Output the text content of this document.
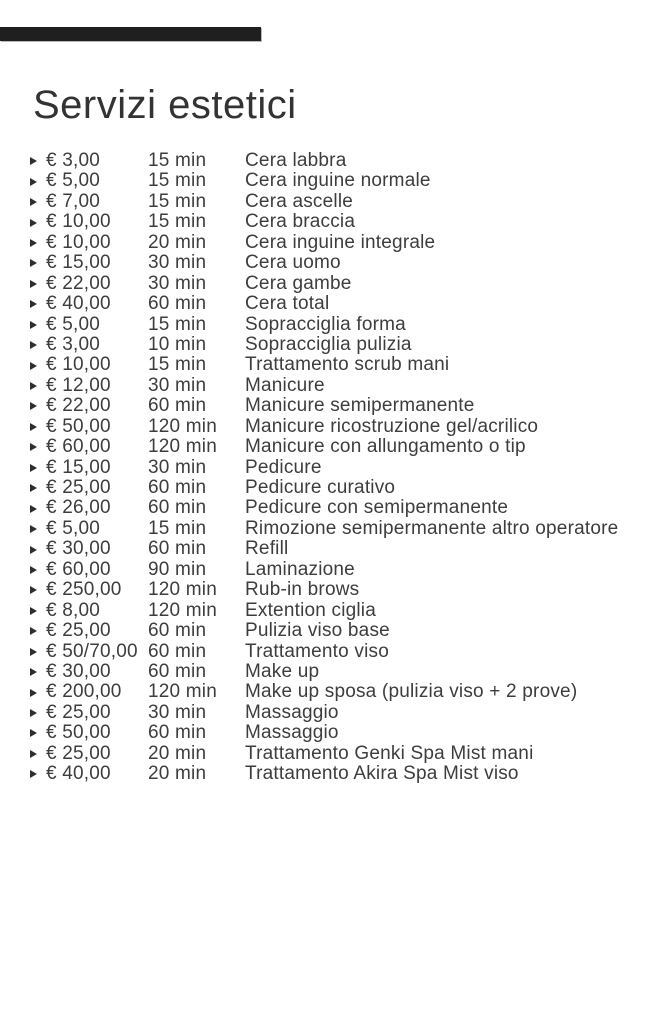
Servizi estetici
€ 3,00	15 min	Cera labbra
€ 5,00	15 min	Cera inguine normale
€ 7,00	15 min	Cera ascelle
€ 10,00	15 min	Cera braccia
€ 10,00	20 min	Cera inguine integrale
€ 15,00	30 min	Cera uomo
€ 22,00	30 min	Cera gambe
€ 40,00	60 min	Cera total
€ 5,00	15 min	Sopracciglia forma
€ 3,00	10 min	Sopracciglia pulizia
€ 10,00	15 min	Trattamento scrub mani
€ 12,00	30 min	Manicure
€ 22,00	60 min	Manicure semipermanente
€ 50,00	120 min	Manicure ricostruzione gel/acrilico
€ 60,00	120 min	Manicure con allungamento o tip
€ 15,00	30 min	Pedicure
€ 25,00	60 min	Pedicure curativo
€ 26,00	60 min	Pedicure con semipermanente
€ 5,00	15 min	Rimozione semipermanente altro operatore
€ 30,00	60 min	Refill
€ 60,00	90 min	Laminazione
€ 250,00	120 min	Rub-in brows
€ 8,00	120 min	Extention ciglia
€ 25,00	60 min	Pulizia viso base
€ 50/70,00 60 min	Trattamento viso
€ 30,00	60 min	Make up
€ 200,00	120 min	Make up sposa (pulizia viso + 2 prove)
€ 25,00	30 min	Massaggio
€ 50,00	60 min	Massaggio
€ 25,00	20 min	Trattamento Genki Spa Mist mani
€ 40,00	20 min	Trattamento Akira Spa Mist viso
